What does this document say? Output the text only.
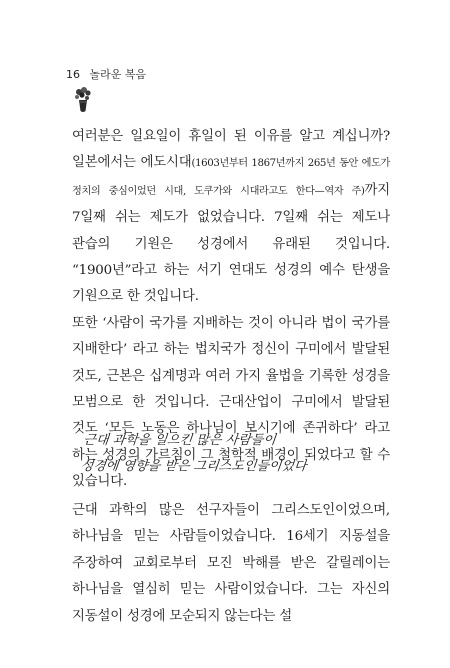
16 놀라운 복음

여러분은 일요일이 휴일이 된 이유를 알고 계십니까? 일본에서는 에도시대(1603년부터 1867년까지 265년 동안 에도가 정치의 중심이었던 시대, 도쿠가와 시대라고도 한다—역자 주)까지 7일째 쉬는 제도가 없었습니다. 7일째 쉬는 제도나 관습의 기원은 성경에서 유래된 것입니다. “1900년”라고 하는 서기 연대도 성경의 예수 탄생을 기원으로 한 것입니다.

또한 ‘사람이 국가를 지배하는 것이 아니라 법이 국가를 지배한다’ 라고 하는 법치국가 정신이 구미에서 발달된 것도, 근본은 십계명과 여러 가지 율법을 기록한 성경을 모범으로 한 것입니다. 근대산업이 구미에서 발달된 것도 ‘모든 노동은 하나님이 보시기에 존귀하다’ 라고 하는 성경의 가르침이 그 철학적 배경이 되었다고 할 수 있습니다.

근대 과학을 일으킨 많은 사람들이
성경에 영향을 받은 그리스도인들이었다

근대 과학의 많은 선구자들이 그리스도인이었으며, 하나님을 믿는 사람들이었습니다. 16세기 지동설을 주장하여 교회로부터 모진 박해를 받은 갈릴레이는 하나님을 열심히 믿는 사람이었습니다. 그는 자신의 지동설이 성경에 모순되지 않는다는 설
